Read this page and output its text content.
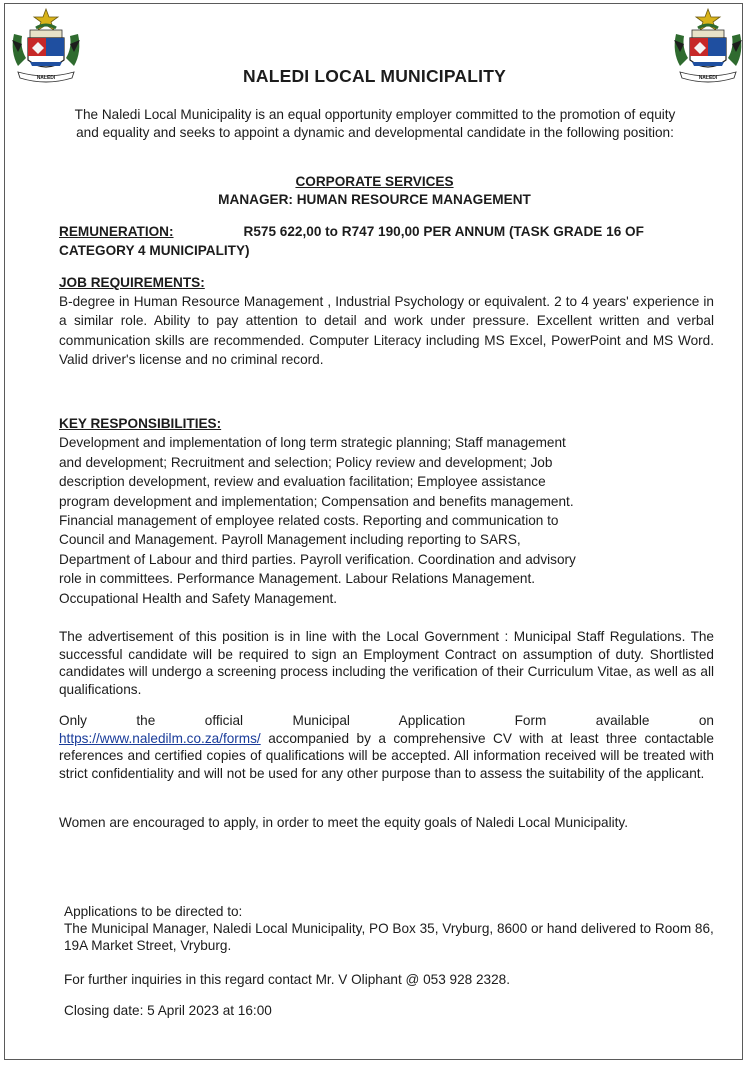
NALEDI	NALEDI
NALEDI LOCAL MUNICIPALITY
The Naledi Local Municipality is an equal opportunity employer committed to the promotion of equity and equality and seeks to appoint a dynamic and developmental candidate in the following position:
CORPORATE SERVICES
MANAGER: HUMAN RESOURCE MANAGEMENT
REMUNERATION:	R575 622,00 to R747 190,00 PER ANNUM (TASK GRADE 16 OF CATEGORY 4 MUNICIPALITY)
JOB REQUIREMENTS:
B-degree in Human Resource Management , Industrial Psychology or equivalent. 2 to 4 years' experience in a similar role. Ability to pay attention to detail and work under pressure. Excellent written and verbal communication skills are recommended. Computer Literacy including MS Excel, PowerPoint and MS Word. Valid driver's license and no criminal record.
KEY RESPONSIBILITIES:
Development and implementation of long term strategic planning; Staff management
and development; Recruitment and selection; Policy review and development; Job
description development, review and evaluation facilitation; Employee assistance
program development and implementation; Compensation and benefits management.
Financial management of employee related costs. Reporting and communication to
Council and Management. Payroll Management including reporting to SARS,
Department of Labour and third parties. Payroll verification. Coordination and advisory
role in committees. Performance Management. Labour Relations Management.
Occupational Health and Safety Management.
The advertisement of this position is in line with the Local Government : Municipal Staff Regulations. The successful candidate will be required to sign an Employment Contract on assumption of duty. Shortlisted candidates will undergo a screening process including the verification of their Curriculum Vitae, as well as all qualifications.
Only the official Municipal Application Form available on
https://www.naledilm.co.za/forms/ accompanied by a comprehensive CV with at least three contactable references and certified copies of qualifications will be accepted. All information received will be treated with strict confidentiality and will not be used for any other purpose than to assess the suitability of the applicant.
Women are encouraged to apply, in order to meet the equity goals of Naledi Local Municipality.
Applications to be directed to:
The Municipal Manager, Naledi Local Municipality, PO Box 35, Vryburg, 8600 or hand delivered to Room 86, 19A Market Street, Vryburg.
For further inquiries in this regard contact Mr. V Oliphant @ 053 928 2328.
Closing date: 5 April 2023 at 16:00
